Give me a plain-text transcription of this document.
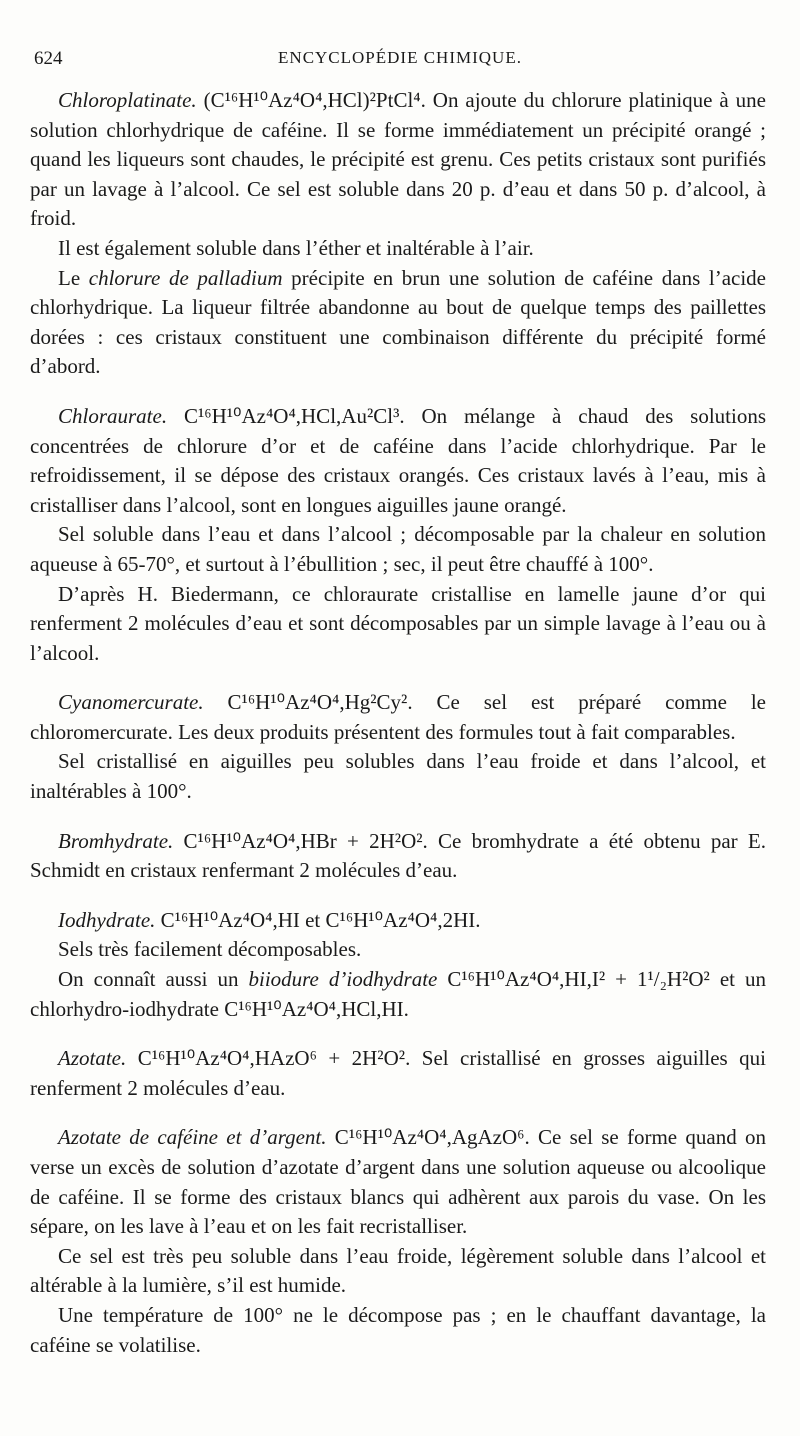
624	ENCYCLOPÉDIE CHIMIQUE.

Chloroplatinate. (C¹⁶H¹⁰Az⁴O⁴,HCl)²PtCl⁴. On ajoute du chlorure platinique à une solution chlorhydrique de caféine. Il se forme immédiatement un précipité orangé ; quand les liqueurs sont chaudes, le précipité est grenu. Ces petits cristaux sont purifiés par un lavage à l’alcool. Ce sel est soluble dans 20 p. d’eau et dans 50 p. d’alcool, à froid.

Il est également soluble dans l’éther et inaltérable à l’air.

Le chlorure de palladium précipite en brun une solution de caféine dans l’acide chlorhydrique. La liqueur filtrée abandonne au bout de quelque temps des paillettes dorées : ces cristaux constituent une combinaison différente du précipité formé d’abord.

Chloraurate. C¹⁶H¹⁰Az⁴O⁴,HCl,Au²Cl³. On mélange à chaud des solutions concentrées de chlorure d’or et de caféine dans l’acide chlorhydrique. Par le refroidissement, il se dépose des cristaux orangés. Ces cristaux lavés à l’eau, mis à cristalliser dans l’alcool, sont en longues aiguilles jaune orangé.

Sel soluble dans l’eau et dans l’alcool ; décomposable par la chaleur en solution aqueuse à 65-70°, et surtout à l’ébullition ; sec, il peut être chauffé à 100°.

D’après H. Biedermann, ce chloraurate cristallise en lamelle jaune d’or qui renferment 2 molécules d’eau et sont décomposables par un simple lavage à l’eau ou à l’alcool.

Cyanomercurate. C¹⁶H¹⁰Az⁴O⁴,Hg²Cy². Ce sel est préparé comme le chloromercurate. Les deux produits présentent des formules tout à fait comparables.

Sel cristallisé en aiguilles peu solubles dans l’eau froide et dans l’alcool, et inaltérables à 100°.

Bromhydrate. C¹⁶H¹⁰Az⁴O⁴,HBr + 2H²O². Ce bromhydrate a été obtenu par E. Schmidt en cristaux renfermant 2 molécules d’eau.

Iodhydrate. C¹⁶H¹⁰Az⁴O⁴,HI et C¹⁶H¹⁰Az⁴O⁴,2HI.

Sels très facilement décomposables.

On connaît aussi un biiodure d’iodhydrate C¹⁶H¹⁰Az⁴O⁴,HI,I² + 1¹/₂H²O² et un chlorhydro-iodhydrate C¹⁶H¹⁰Az⁴O⁴,HCl,HI.

Azotate. C¹⁶H¹⁰Az⁴O⁴,HAzO⁶ + 2H²O². Sel cristallisé en grosses aiguilles qui renferment 2 molécules d’eau.

Azotate de caféine et d’argent. C¹⁶H¹⁰Az⁴O⁴,AgAzO⁶. Ce sel se forme quand on verse un excès de solution d’azotate d’argent dans une solution aqueuse ou alcoolique de caféine. Il se forme des cristaux blancs qui adhèrent aux parois du vase. On les sépare, on les lave à l’eau et on les fait recristalliser.

Ce sel est très peu soluble dans l’eau froide, légèrement soluble dans l’alcool et altérable à la lumière, s’il est humide.

Une température de 100° ne le décompose pas ; en le chauffant davantage, la caféine se volatilise.
